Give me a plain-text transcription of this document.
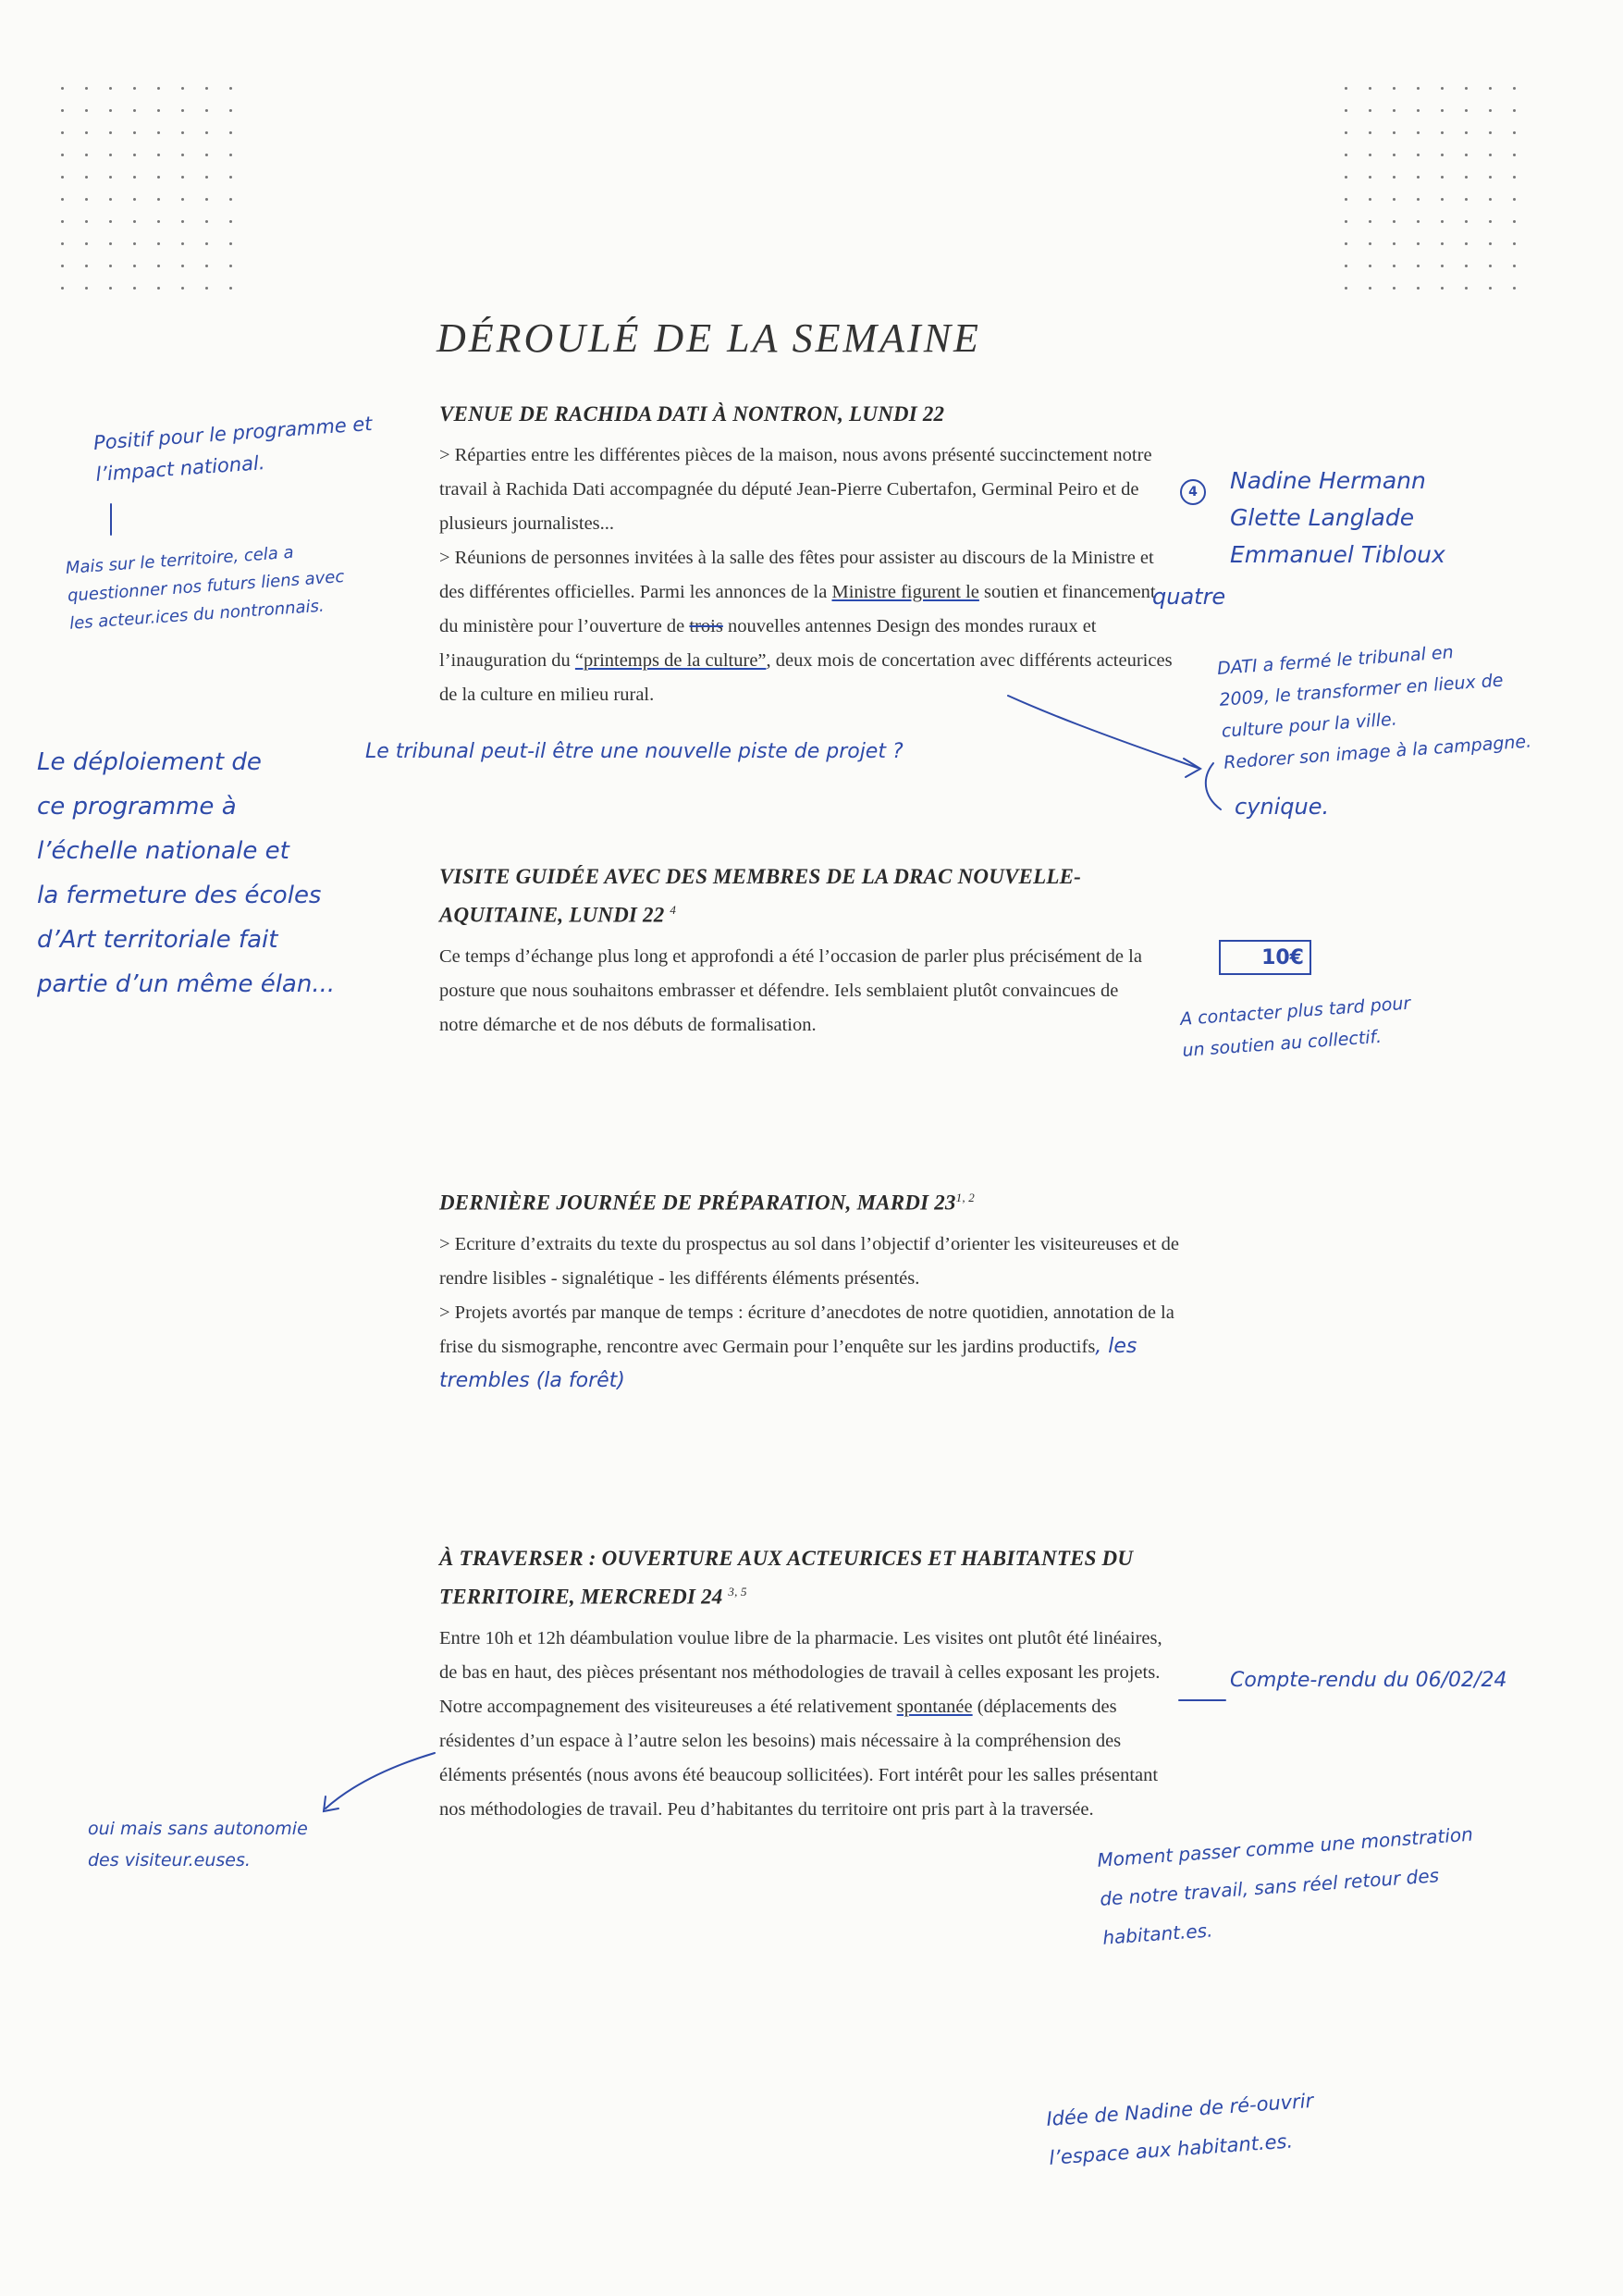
DÉROULÉ DE LA SEMAINE
VENUE DE RACHIDA DATI À NONTRON, LUNDI 22

> Réparties entre les différentes pièces de la maison, nous avons présenté succinctement notre travail à Rachida Dati accompagnée du député Jean-Pierre Cubertafon, Germinal Peiro et de plusieurs journalistes...

> Réunions de personnes invitées à la salle des fêtes pour assister au discours de la Ministre et des différentes officielles. Parmi les annonces de la Ministre figurent le soutien et financement du ministère pour l’ouverture de trois nouvelles antennes Design des mondes ruraux et l’inauguration du “printemps de la culture”, deux mois de concertation avec différents acteurices de la culture en milieu rural.

VISITE GUIDÉE AVEC DES MEMBRES DE LA DRAC NOUVELLE-AQUITAINE, LUNDI 22 $^4$

Ce temps d’échange plus long et approfondi a été l’occasion de parler plus précisément de la posture que nous souhaitons embrasser et défendre. Iels semblaient plutôt convaincues de notre démarche et de nos débuts de formalisation.

DERNIÈRE JOURNÉE DE PRÉPARATION, MARDI 23$^{1, 2}$

> Ecriture d’extraits du texte du prospectus au sol dans l’objectif d’orienter les visiteureuses et de rendre lisibles - signalétique - les différents éléments présentés.

> Projets avortés par manque de temps : écriture d’anecdotes de notre quotidien, annotation de la frise du sismographe, rencontre avec Germain pour l’enquête sur les jardins productifs, les trembles (la forêt)

À TRAVERSER : OUVERTURE AUX ACTEURICES ET HABITANTES DU TERRITOIRE, MERCREDI 24 $^{3, 5}$

Entre 10h et 12h déambulation voulue libre de la pharmacie. Les visites ont plutôt été linéaires, de bas en haut, des pièces présentant nos méthodologies de travail à celles exposant les projets. Notre accompagnement des visiteureuses a été relativement spontanée (déplacements des résidentes d’un espace à l’autre selon les besoins) mais nécessaire à la compréhension des éléments présentés (nous avons été beaucoup sollicitées). Fort intérêt pour les salles présentant nos méthodologies de travail. Peu d’habitantes du territoire ont pris part à la traversée.

Positif pour le programme et
l’impact national.
Mais sur le territoire, cela a
questionner nos futurs liens avec
les acteur.ices du nontronnais.
Le déploiement de
ce programme à
l’échelle nationale et
la fermeture des écoles
d’Art territoriale fait
partie d’un même élan...
Nadine Hermann
Glette Langlade
Emmanuel Tibloux
4
quatre
DATI a fermé le tribunal en
2009, le transformer en lieux de
culture pour la ville.
Redorer son image à la campagne.
cynique.
Le tribunal peut-il être une nouvelle piste de projet ?
10€
A contacter plus tard pour
un soutien au collectif.
Compte-rendu du 06/02/24
oui mais sans autonomie
des visiteur.euses.	Moment passer comme une monstration
de notre travail, sans réel retour des
habitant.es.
Idée de Nadine de ré-ouvrir
l’espace aux habitant.es.
